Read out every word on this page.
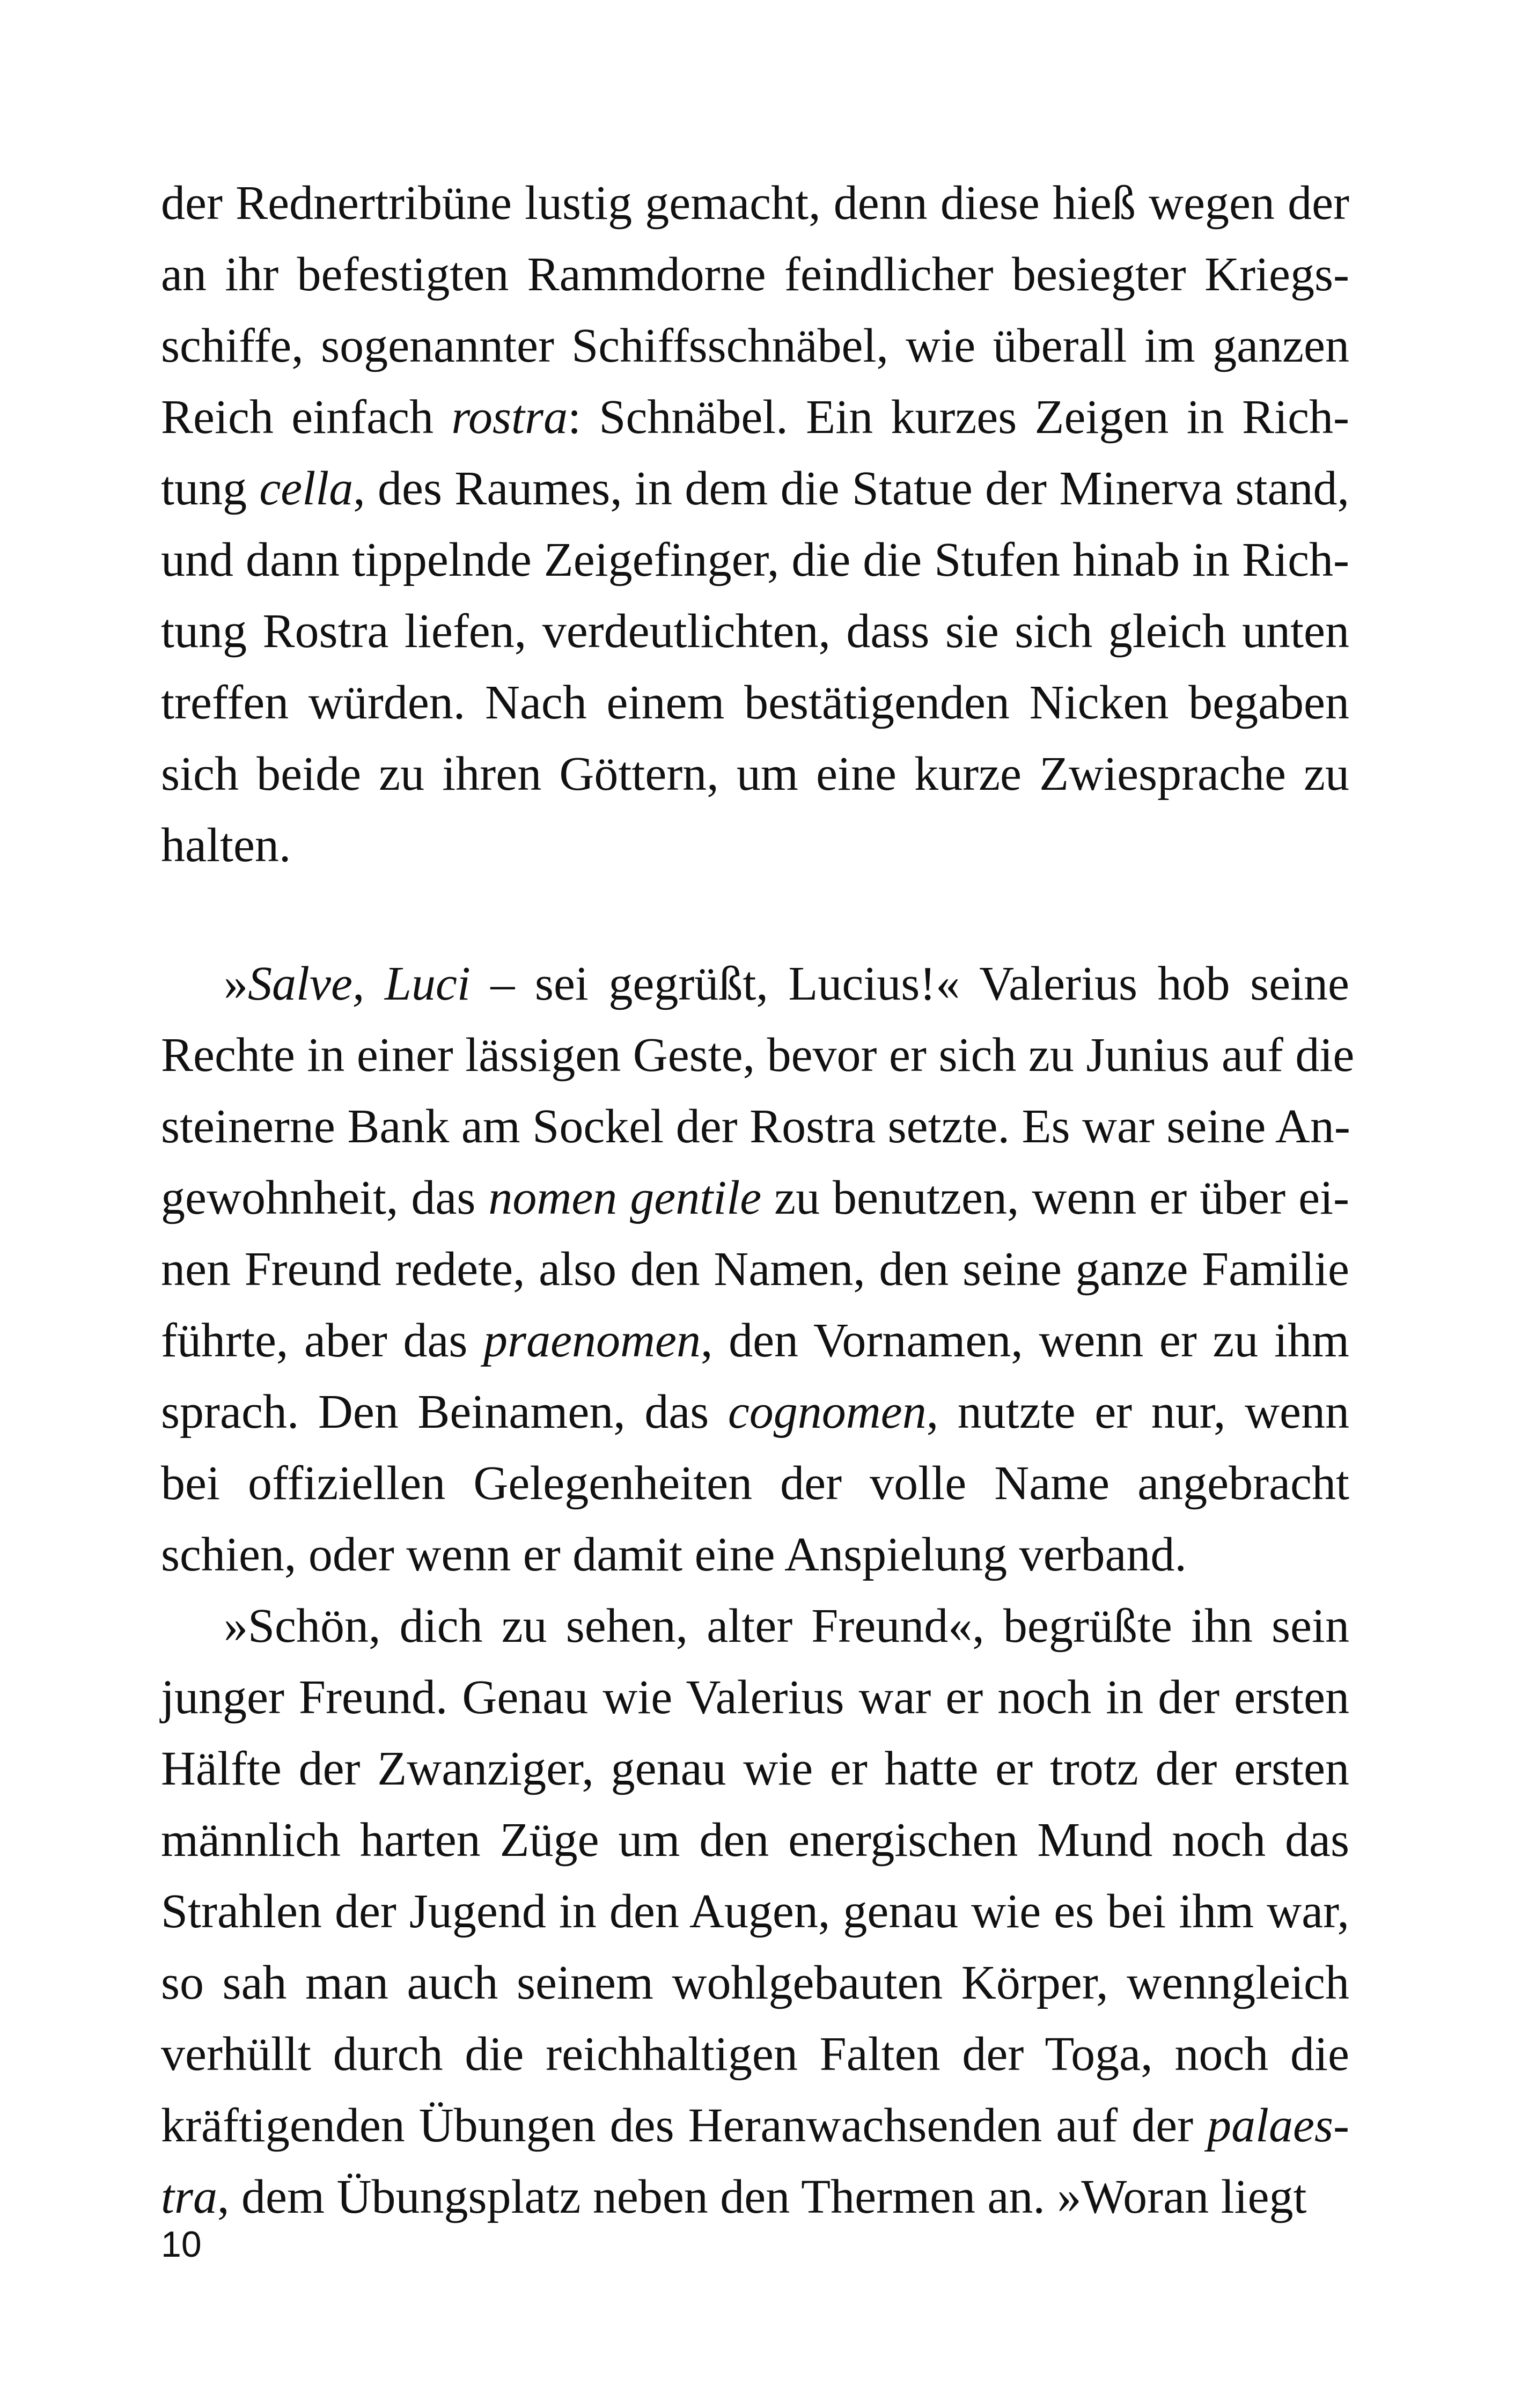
der Rednertribüne lustig gemacht, denn diese hieß wegen der
an ihr befestigten Rammdorne feindlicher besiegter Kriegs-
schiffe, sogenannter Schiffsschnäbel, wie überall im ganzen
Reich einfach rostra: Schnäbel. Ein kurzes Zeigen in Rich-
tung cella, des Raumes, in dem die Statue der Minerva stand,
und dann tippelnde Zeigefinger, die die Stufen hinab in Rich-
tung Rostra liefen, verdeutlichten, dass sie sich gleich unten
treffen würden. Nach einem bestätigenden Nicken begaben
sich beide zu ihren Göttern, um eine kurze Zwiesprache zu
halten.
»Salve, Luci – sei gegrüßt, Lucius!« Valerius hob seine
Rechte in einer lässigen Geste, bevor er sich zu Junius auf die
steinerne Bank am Sockel der Rostra setzte. Es war seine An-
gewohnheit, das nomen gentile zu benutzen, wenn er über ei-
nen Freund redete, also den Namen, den seine ganze Familie
führte, aber das praenomen, den Vornamen, wenn er zu ihm
sprach. Den Beinamen, das cognomen, nutzte er nur, wenn
bei offiziellen Gelegenheiten der volle Name angebracht
schien, oder wenn er damit eine Anspielung verband.
»Schön, dich zu sehen, alter Freund«, begrüßte ihn sein
junger Freund. Genau wie Valerius war er noch in der ersten
Hälfte der Zwanziger, genau wie er hatte er trotz der ersten
männlich harten Züge um den energischen Mund noch das
Strahlen der Jugend in den Augen, genau wie es bei ihm war,
so sah man auch seinem wohlgebauten Körper, wenngleich
verhüllt durch die reichhaltigen Falten der Toga, noch die
kräftigenden Übungen des Heranwachsenden auf der palaes-
tra, dem Übungsplatz neben den Thermen an. »Woran liegt
10
